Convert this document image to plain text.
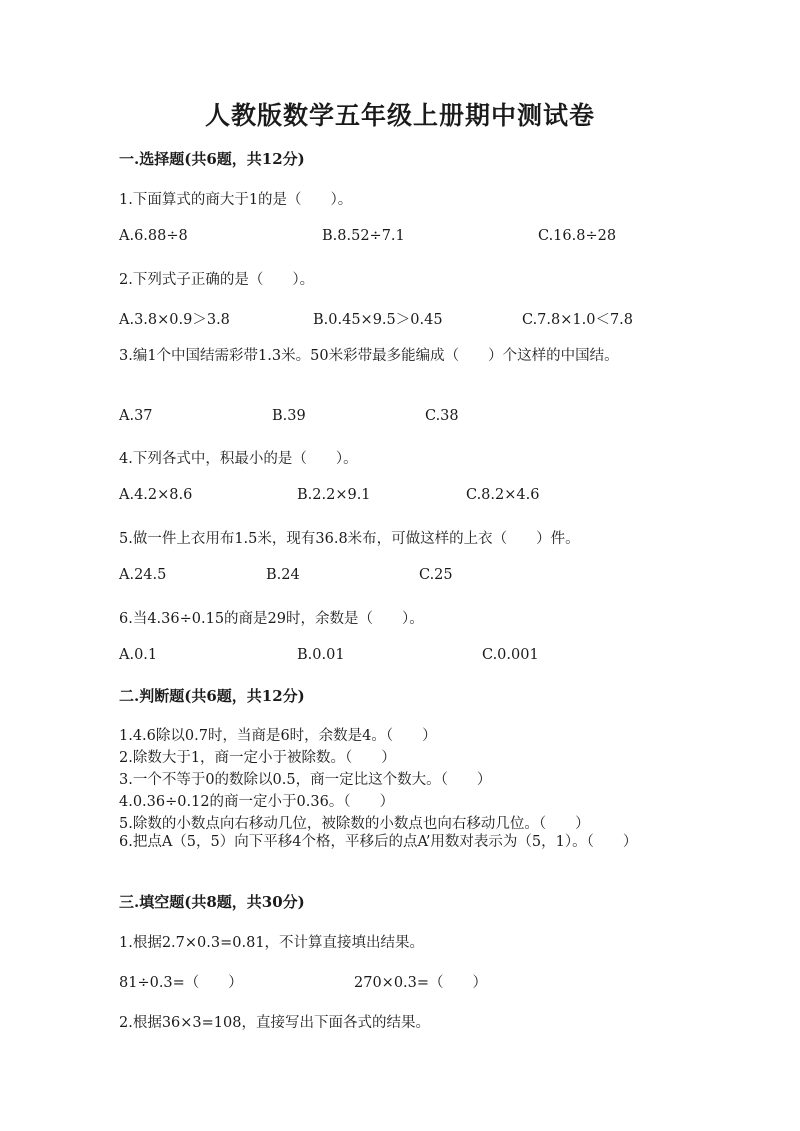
人教版数学五年级上册期中测试卷
一.选择题(共6题，共12分)
1.下面算式的商大于1的是（　　）。
A.6.88÷8	B.8.52÷7.1	C.16.8÷28
2.下列式子正确的是（　　）。
A.3.8×0.9＞3.8	B.0.45×9.5＞0.45	C.7.8×1.0＜7.8
3.编1个中国结需彩带1.3米。50米彩带最多能编成（　　）个这样的中国结。
A.37	B.39	C.38
4.下列各式中，积最小的是（　　）。
A.4.2×8.6	B.2.2×9.1	C.8.2×4.6
5.做一件上衣用布1.5米，现有36.8米布，可做这样的上衣（　　）件。
A.24.5	B.24	C.25
6.当4.36÷0.15的商是29时，余数是（　　）。
A.0.1	B.0.01	C.0.001
二.判断题(共6题，共12分)
1.4.6除以0.7时，当商是6时，余数是4。（　　）
2.除数大于1，商一定小于被除数。（　　）
3.一个不等于0的数除以0.5，商一定比这个数大。（　　）
4.0.36÷0.12的商一定小于0.36。（　　）
5.除数的小数点向右移动几位，被除数的小数点也向右移动几位。（　　）
6.把点A（5，5）向下平移4个格，平移后的点A’用数对表示为（5，1）。（　　）
三.填空题(共8题，共30分)
1.根据2.7×0.3=0.81，不计算直接填出结果。
81÷0.3=（　　）	270×0.3=（　　）
2.根据36×3=108，直接写出下面各式的结果。
